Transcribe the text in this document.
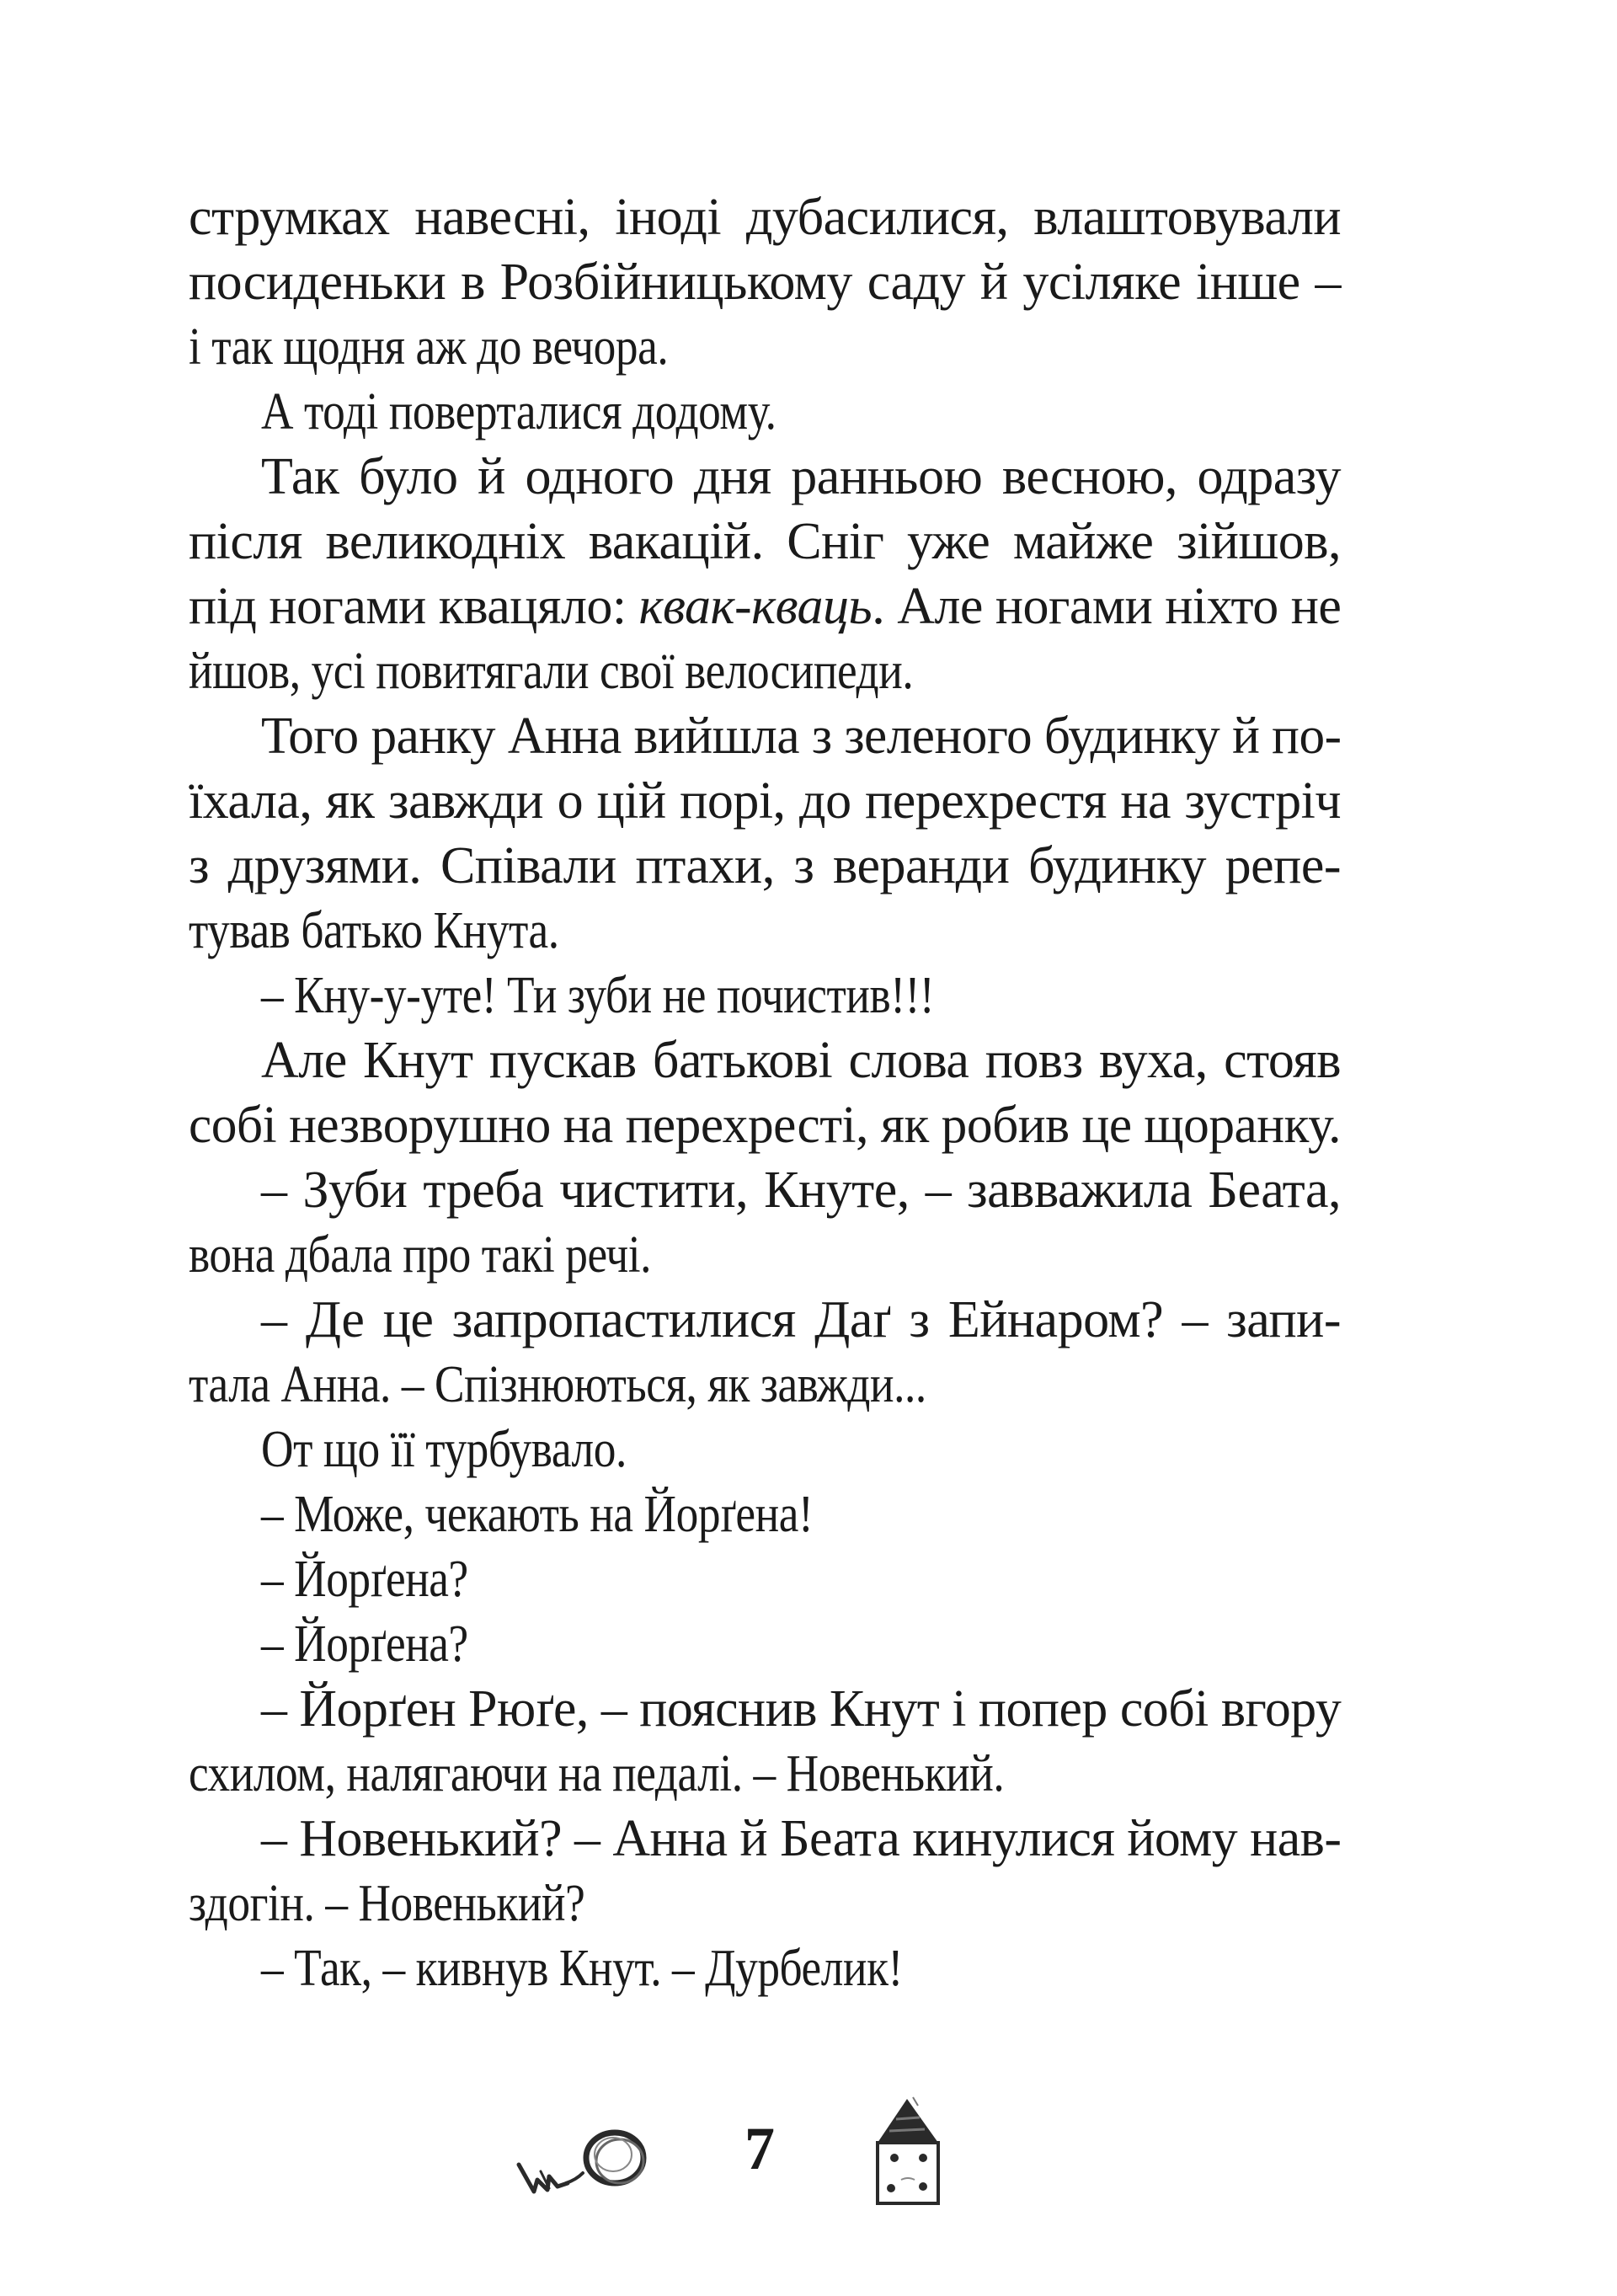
струмках навесні, іноді дубасилися, влаштовували
посиденьки в Розбійницькому саду й усіляке інше –
і так щодня аж до вечора.
А тоді поверталися додому.
Так було й одного дня ранньою весною, одразу
після великодніх вакацій. Сніг уже майже зійшов,
під ногами квацяло: квак-кваць. Але ногами ніхто не
йшов, усі повитягали свої велосипеди.
Того ранку Анна вийшла з зеленого будинку й по-
їхала, як завжди о цій порі, до перехрестя на зустріч
з друзями. Співали птахи, з веранди будинку репе-
тував батько Кнута.
– Кну-у-уте! Ти зуби не почистив!!!
Але Кнут пускав батькові слова повз вуха, стояв
собі незворушно на перехресті, як робив це щоранку.
– Зуби треба чистити, Кнуте, – завважила Беата,
вона дбала про такі речі.
– Де це запропастилися Даґ з Ейнаром? – запи-
тала Анна. – Спізнюються, як завжди...
От що її турбувало.
– Може, чекають на Йорґена!
– Йорґена?
– Йорґена?
– Йорґен Рюґе, – пояснив Кнут і попер собі вгору
схилом, налягаючи на педалі. – Новенький.
– Новенький? – Анна й Беата кинулися йому нав-
здогін. – Новенький?
– Так, – кивнув Кнут. – Дурбелик!
7
